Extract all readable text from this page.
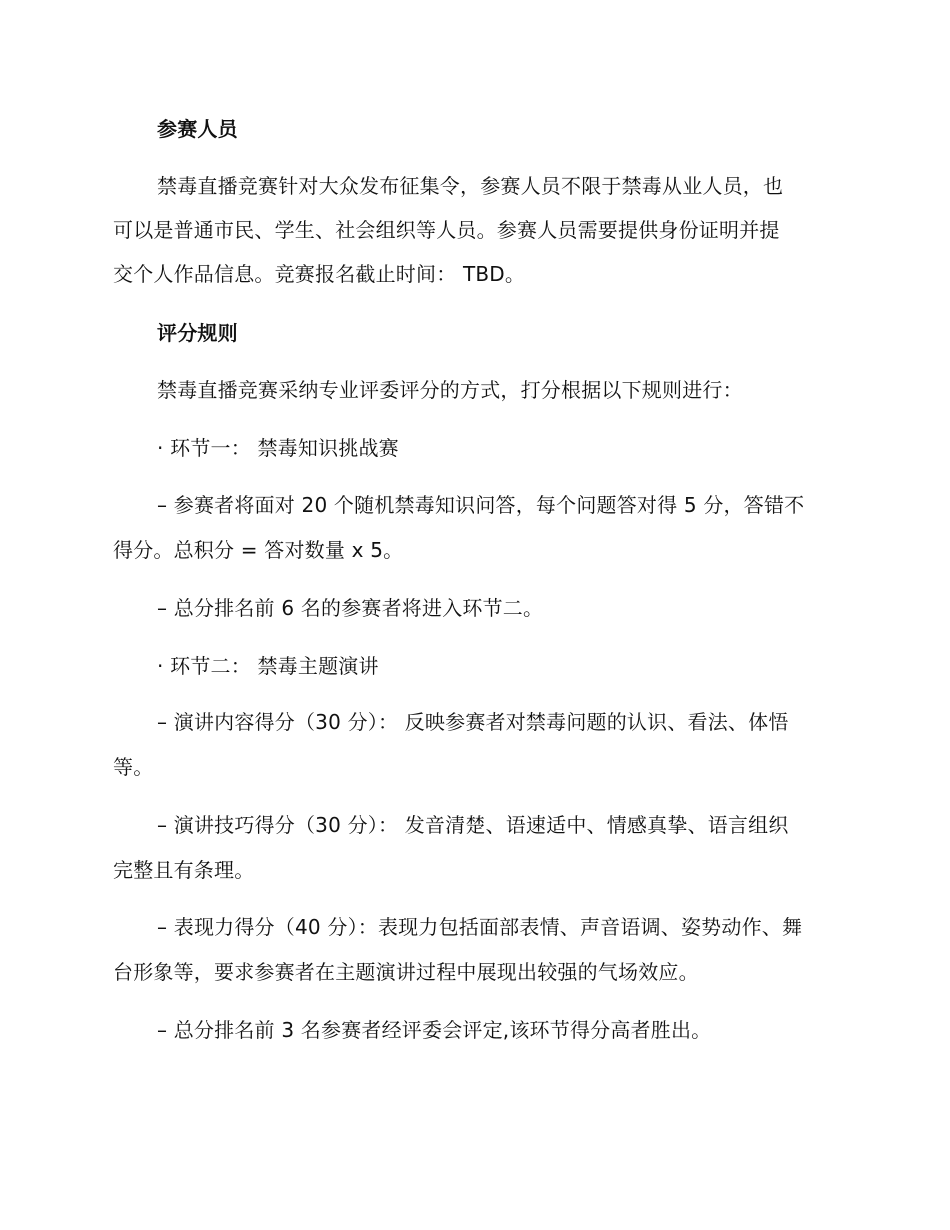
参赛人员
禁毒直播竞赛针对大众发布征集令，参赛人员不限于禁毒从业人员，也
可以是普通市民、学生、社会组织等人员。参赛人员需要提供身份证明并提
交个人作品信息。竞赛报名截止时间： TBD。
评分规则
禁毒直播竞赛采纳专业评委评分的方式，打分根据以下规则进行：
· 环节一： 禁毒知识挑战赛
– 参赛者将面对 20 个随机禁毒知识问答，每个问题答对得 5 分，答错不
得分。总积分 = 答对数量 x 5。
– 总分排名前 6 名的参赛者将进入环节二。
· 环节二： 禁毒主题演讲
– 演讲内容得分（30 分）： 反映参赛者对禁毒问题的认识、看法、体悟
等。
– 演讲技巧得分（30 分）： 发音清楚、语速适中、情感真挚、语言组织
完整且有条理。
– 表现力得分（40 分）：表现力包括面部表情、声音语调、姿势动作、舞
台形象等，要求参赛者在主题演讲过程中展现出较强的气场效应。
– 总分排名前 3 名参赛者经评委会评定,该环节得分高者胜出。
